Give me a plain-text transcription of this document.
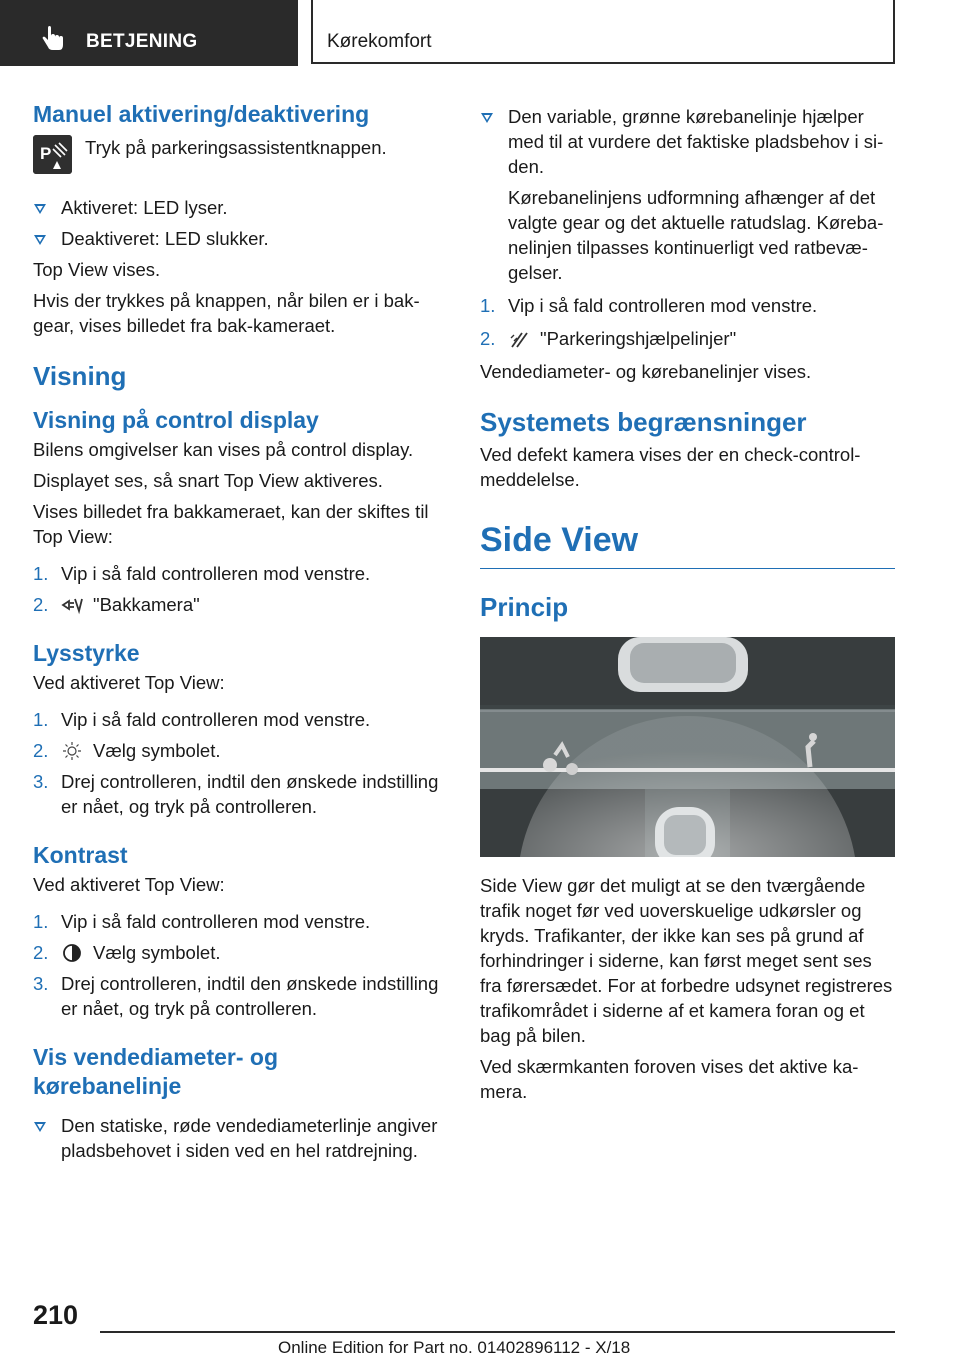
BETJENING	Kørekomfort
Manuel aktivering/deaktivering
P Tryk på parkeringsassistentknappen.

Aktiveret: LED lyser.
Deaktiveret: LED slukker.

Top View vises.

Hvis der trykkes på knappen, når bilen er i bakgear, vises billedet fra bak-kameraet.

Visning
Visning på control display

Bilens omgivelser kan vises på control display.

Displayet ses, så snart Top View aktiveres.

Vises billedet fra bakkameraet, kan der skiftes til Top View:

1. Vip i så fald controlleren mod venstre.
2. "Bakkamera"
Lysstyrke

Ved aktiveret Top View:

1. Vip i så fald controlleren mod venstre.
2. Vælg symbolet.
3. Drej controlleren, indtil den ønskede indstilling er nået, og tryk på controlleren.
Kontrast

Ved aktiveret Top View:

1. Vip i så fald controlleren mod venstre.
2. Vælg symbolet.
3. Drej controlleren, indtil den ønskede indstilling er nået, og tryk på controlleren.
Vis vendediameter- og
kørebanelinje
Den statiske, røde vendediameterlinje angiver pladsbehovet i siden ved en hel ratdrejning.
Den variable, grønne kørebanelinje hjælper med til at vurdere det faktiske pladsbehov i siden.

Kørebanelinjens udformning afhænger af det valgte gear og det aktuelle ratudslag. Kørebanelinjen tilpasses kontinuerligt ved ratbevægelser.

1. Vip i så fald controlleren mod venstre.
2. "Parkeringshjælpelinjer"

Vendediameter- og kørebanelinjer vises.

Systemets begrænsninger

Ved defekt kamera vises der en check-control-meddelelse.

Side View
Princip

Side View gør det muligt at se den tværgående trafik noget før ved uoverskuelige udkørsler og kryds. Trafikanter, der ikke kan ses på grund af forhindringer i siderne, kan først meget sent ses fra førersædet. For at forbedre udsynet registreres trafikområdet i siderne af et kamera foran og et bag på bilen.

Ved skærmkanten foroven vises det aktive kamera.

210
Online Edition for Part no. 01402896112 - X/18
